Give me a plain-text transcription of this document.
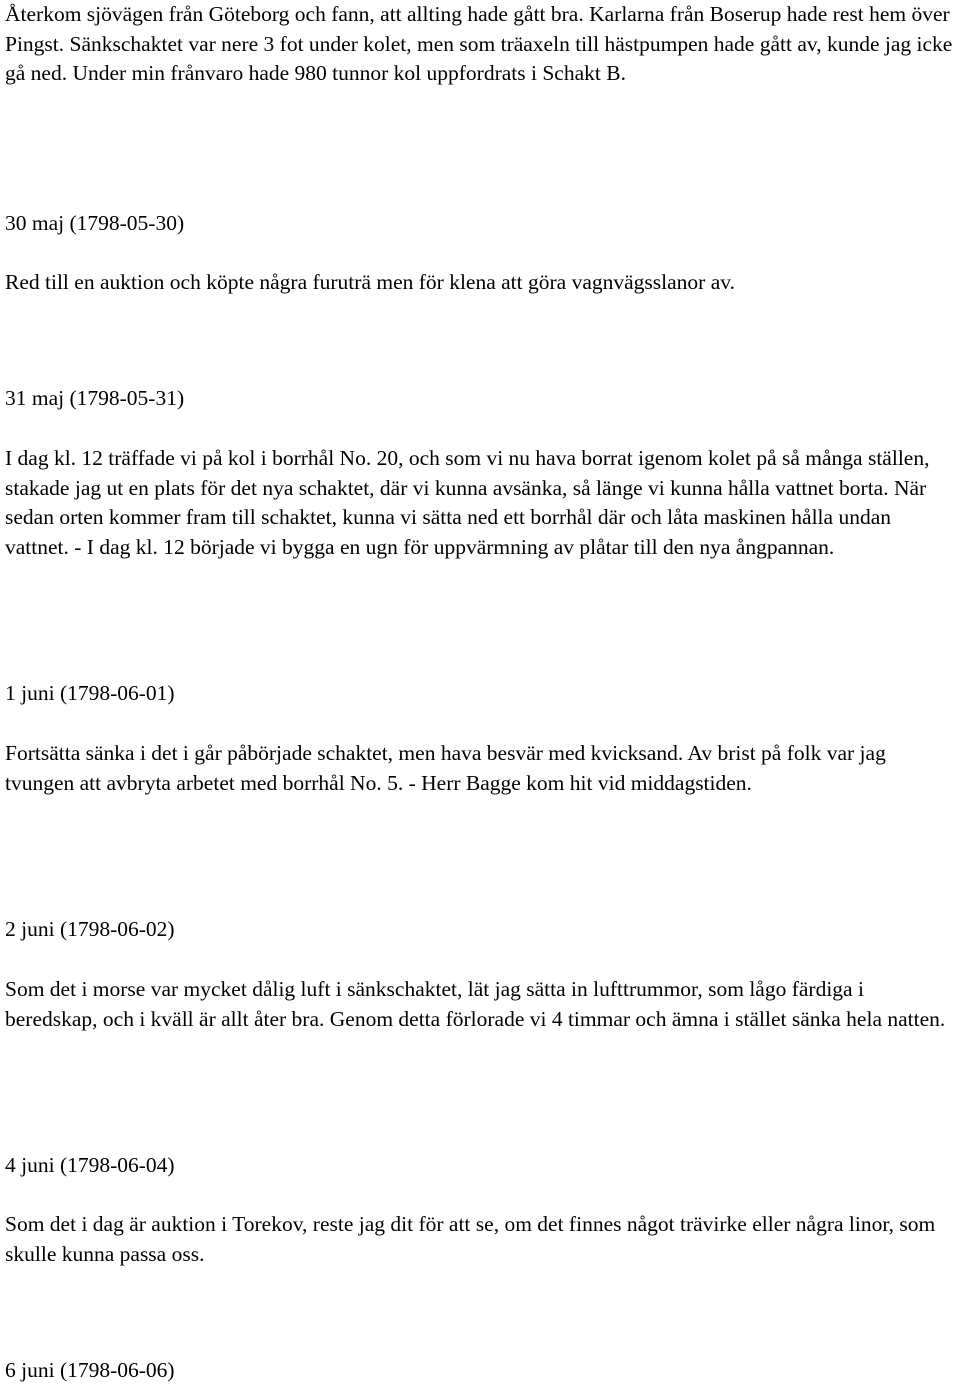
Återkom sjövägen från Göteborg och fann, att allting hade gått bra. Karlarna från Boserup hade rest hem över Pingst. Sänkschaktet var nere 3 fot under kolet, men som träaxeln till hästpumpen hade gått av, kunde jag icke gå ned. Under min frånvaro hade 980 tunnor kol uppfordrats i Schakt B.

30 maj (1798-05-30)

Red till en auktion och köpte några furuträ men för klena att göra vagnvägsslanor av.

31 maj (1798-05-31)

I dag kl. 12 träffade vi på kol i borrhål No. 20, och som vi nu hava borrat igenom kolet på så många ställen, stakade jag ut en plats för det nya schaktet, där vi kunna avsänka, så länge vi kunna hålla vattnet borta. När sedan orten kommer fram till schaktet, kunna vi sätta ned ett borrhål där och låta maskinen hålla undan vattnet. - I dag kl. 12 började vi bygga en ugn för uppvärmning av plåtar till den nya ångpannan.

1 juni (1798-06-01)

Fortsätta sänka i det i går påbörjade schaktet, men hava besvär med kvicksand. Av brist på folk var jag tvungen att avbryta arbetet med borrhål No. 5. - Herr Bagge kom hit vid middagstiden.

2 juni (1798-06-02)

Som det i morse var mycket dålig luft i sänkschaktet, lät jag sätta in lufttrummor, som lågo färdiga i beredskap, och i kväll är allt åter bra. Genom detta förlorade vi 4 timmar och ämna i stället sänka hela natten.

4 juni (1798-06-04)

Som det i dag är auktion i Torekov, reste jag dit för att se, om det finnes något trävirke eller några linor, som skulle kunna passa oss.

6 juni (1798-06-06)
